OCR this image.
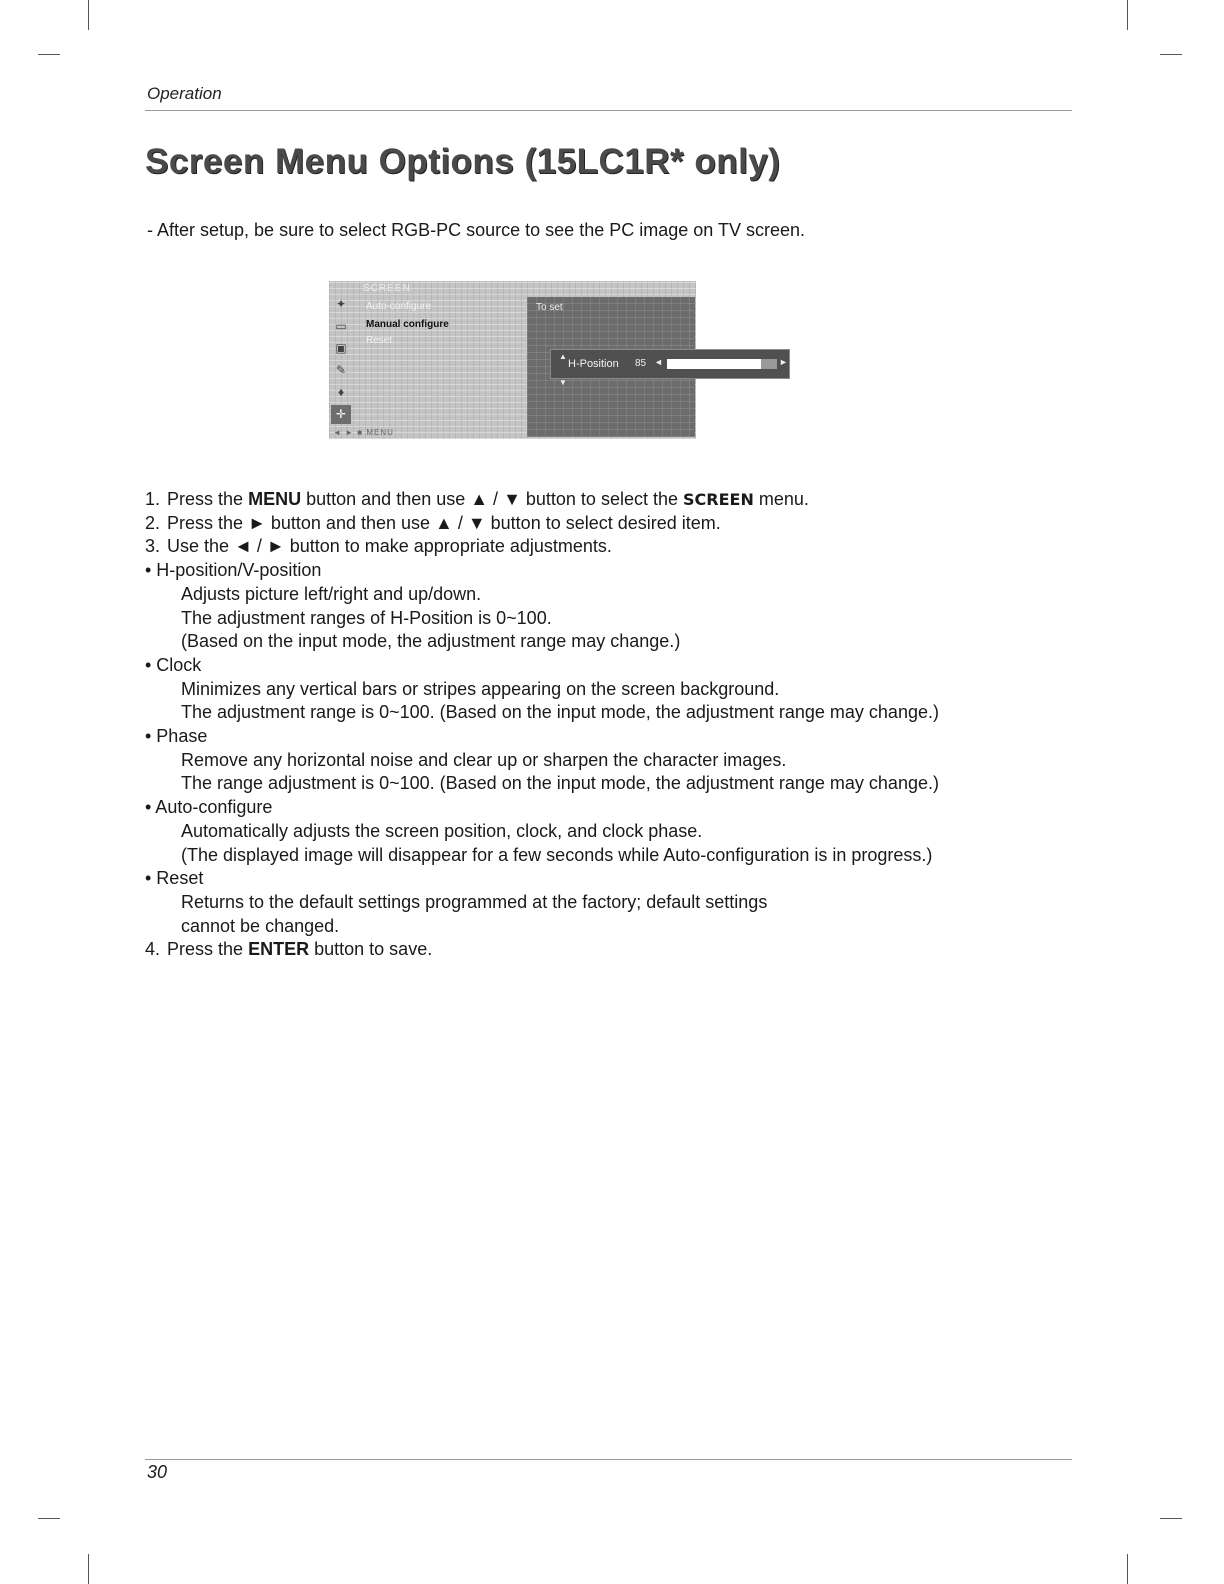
Operation
Screen Menu Options (15LC1R* only)
- After setup, be sure to select RGB-PC source to see the PC image on TV screen.
SCREEN
✦
▭
▣
✎
♦
✛
Auto-configure
Manual configure
Reset
To set
▲

▼
H-Position 85 ◄	►
◄ ► ■ MENU
1. Press the MENU button and then use ▲ / ▼ button to select the SCREEN menu.
2. Press the ► button and then use ▲ / ▼ button to select desired item.
3. Use the ◄ / ► button to make appropriate adjustments.
• H-position/V-position
Adjusts picture left/right and up/down.
The adjustment ranges of H-Position is 0~100.
(Based on the input mode, the adjustment range may change.)
• Clock
Minimizes any vertical bars or stripes appearing on the screen background.
The adjustment range is 0~100. (Based on the input mode, the adjustment range may change.)
• Phase
Remove any horizontal noise and clear up or sharpen the character images.
The range adjustment is 0~100. (Based on the input mode, the adjustment range may change.)
• Auto-configure
Automatically adjusts the screen position, clock, and clock phase.
(The displayed image will disappear for a few seconds while Auto-configuration is in progress.)
• Reset
Returns to the default settings programmed at the factory; default settings
cannot be changed.
4. Press the ENTER button to save.
30
